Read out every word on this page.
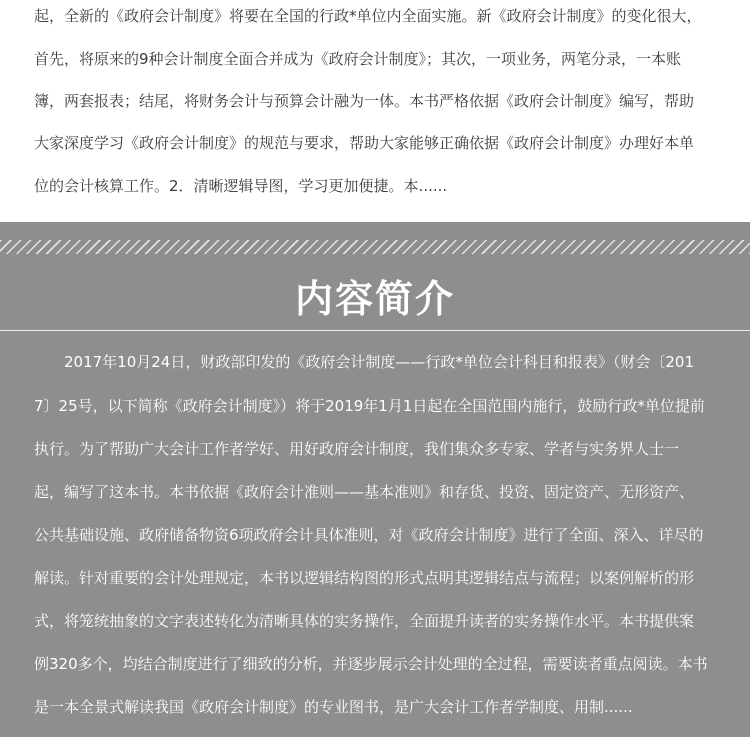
起，全新的《政府会计制度》将要在全国的行政*单位内全面实施。新《政府会计制度》的变化很大，

首先，将原来的9种会计制度全面合并成为《政府会计制度》；其次，一项业务，两笔分录，一本账

簿，两套报表；结尾，将财务会计与预算会计融为一体。本书严格依据《政府会计制度》编写，帮助

大家深度学习《政府会计制度》的规范与要求，帮助大家能够正确依据《政府会计制度》办理好本单

位的会计核算工作。2．清晰逻辑导图，学习更加便捷。本......

内容简介

2017年10月24日，财政部印发的《政府会计制度——行政*单位会计科目和报表》（财会〔201

7〕25号，以下简称《政府会计制度》）将于2019年1月1日起在全国范围内施行，鼓励行政*单位提前

执行。为了帮助广大会计工作者学好、用好政府会计制度，我们集众多专家、学者与实务界人士一

起，编写了这本书。本书依据《政府会计准则——基本准则》和存货、投资、固定资产、无形资产、

公共基础设施、政府储备物资6项政府会计具体准则，对《政府会计制度》进行了全面、深入、详尽的

解读。针对重要的会计处理规定，本书以逻辑结构图的形式点明其逻辑结点与流程；以案例解析的形

式，将笼统抽象的文字表述转化为清晰具体的实务操作，全面提升读者的实务操作水平。本书提供案

例320多个，均结合制度进行了细致的分析，并逐步展示会计处理的全过程，需要读者重点阅读。本书

是一本全景式解读我国《政府会计制度》的专业图书，是广大会计工作者学制度、用制......
